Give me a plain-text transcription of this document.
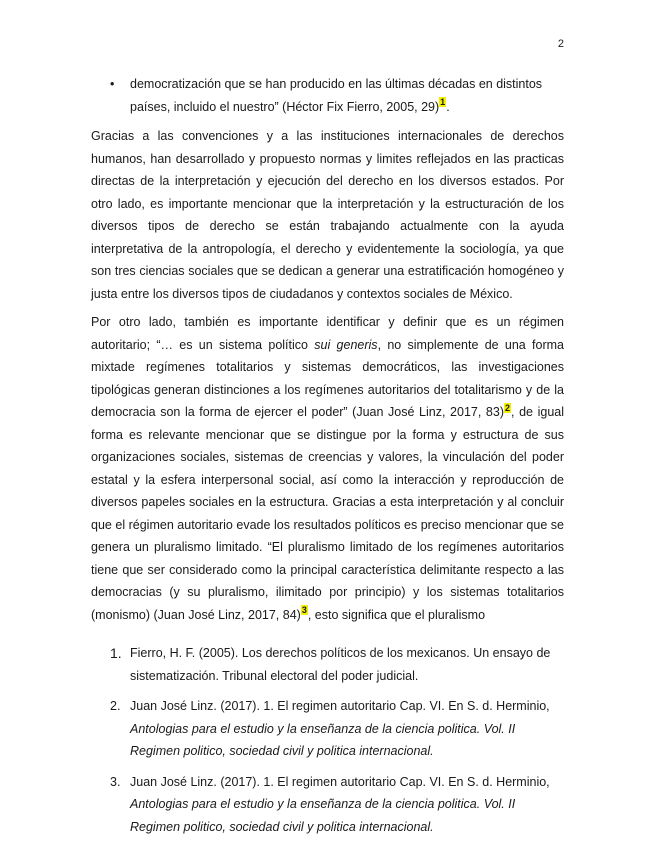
2
• democratización que se han producido en las últimas décadas en distintos países, incluido el nuestro” (Héctor Fix Fierro, 2005, 29)$^1$.

Gracias a las convenciones y a las instituciones internacionales de derechos humanos, han desarrollado y propuesto normas y limites reflejados en las practicas directas de la interpretación y ejecución del derecho en los diversos estados. Por otro lado, es importante mencionar que la interpretación y la estructuración de los diversos tipos de derecho se están trabajando actualmente con la ayuda interpretativa de la antropología, el derecho y evidentemente la sociología, ya que son tres ciencias sociales que se dedican a generar una estratificación homogéneo y justa entre los diversos tipos de ciudadanos y contextos sociales de México.

Por otro lado, también es importante identificar y definir que es un régimen autoritario; “… es un sistema político sui generis, no simplemente de una forma mixtade regímenes totalitarios y sistemas democráticos, las investigaciones tipológicas generan distinciones a los regímenes autoritarios del totalitarismo y de la democracia son la forma de ejercer el poder” (Juan José Linz, 2017, 83)$^2$, de igual forma es relevante mencionar que se distingue por la forma y estructura de sus organizaciones sociales, sistemas de creencias y valores, la vinculación del poder estatal y la esfera interpersonal social, así como la interacción y reproducción de diversos papeles sociales en la estructura. Gracias a esta interpretación y al concluir que el régimen autoritario evade los resultados políticos es preciso mencionar que se genera un pluralismo limitado. “El pluralismo limitado de los regímenes autoritarios tiene que ser considerado como la principal característica delimitante respecto a las democracias (y su pluralismo, ilimitado por principio) y los sistemas totalitarios (monismo) (Juan José Linz, 2017, 84)$^3$, esto significa que el pluralismo

1. Fierro, H. F. (2005). Los derechos políticos de los mexicanos. Un ensayo de sistematización. Tribunal electoral del poder judicial.
2. Juan José Linz. (2017). 1. El regimen autoritario Cap. VI. En S. d. Herminio, Antologias para el estudio y la enseñanza de la ciencia politica. Vol. II Regimen politico, sociedad civil y politica internacional.
3. Juan José Linz. (2017). 1. El regimen autoritario Cap. VI. En S. d. Herminio, Antologias para el estudio y la enseñanza de la ciencia politica. Vol. II Regimen politico, sociedad civil y politica internacional.
